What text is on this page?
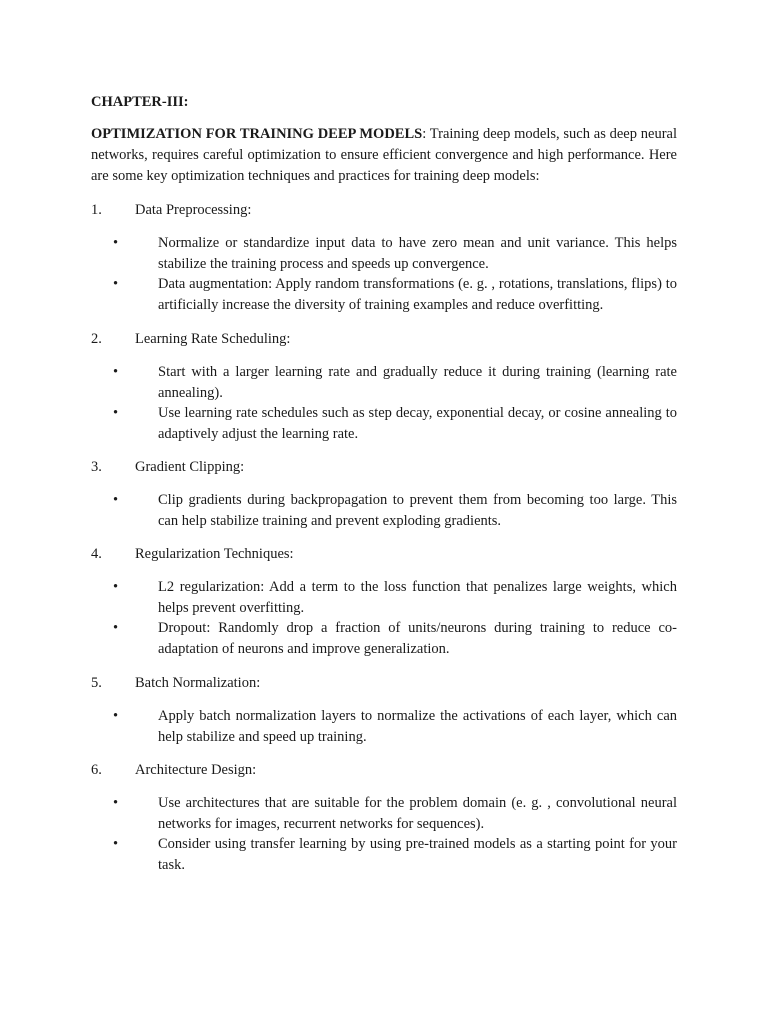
CHAPTER-III:

OPTIMIZATION FOR TRAINING DEEP MODELS: Training deep models, such as deep neural networks, requires careful optimization to ensure efficient convergence and high performance. Here are some key optimization techniques and practices for training deep models:

1. Data Preprocessing:
•	Normalize or standardize input data to have zero mean and unit variance. This helps stabilize the training process and speeds up convergence.
•	Data augmentation: Apply random transformations (e. g. , rotations, translations, flips) to artificially increase the diversity of training examples and reduce overfitting.
2. Learning Rate Scheduling:
•	Start with a larger learning rate and gradually reduce it during training (learning rate annealing).
•	Use learning rate schedules such as step decay, exponential decay, or cosine annealing to adaptively adjust the learning rate.
3. Gradient Clipping:
•	Clip gradients during backpropagation to prevent them from becoming too large. This can help stabilize training and prevent exploding gradients.
4. Regularization Techniques:
•	L2 regularization: Add a term to the loss function that penalizes large weights, which helps prevent overfitting.
•	Dropout: Randomly drop a fraction of units/neurons during training to reduce co-adaptation of neurons and improve generalization.
5. Batch Normalization:
•	Apply batch normalization layers to normalize the activations of each layer, which can help stabilize and speed up training.
6. Architecture Design:
•	Use architectures that are suitable for the problem domain (e. g. , convolutional neural networks for images, recurrent networks for sequences).
•	Consider using transfer learning by using pre-trained models as a starting point for your task.
